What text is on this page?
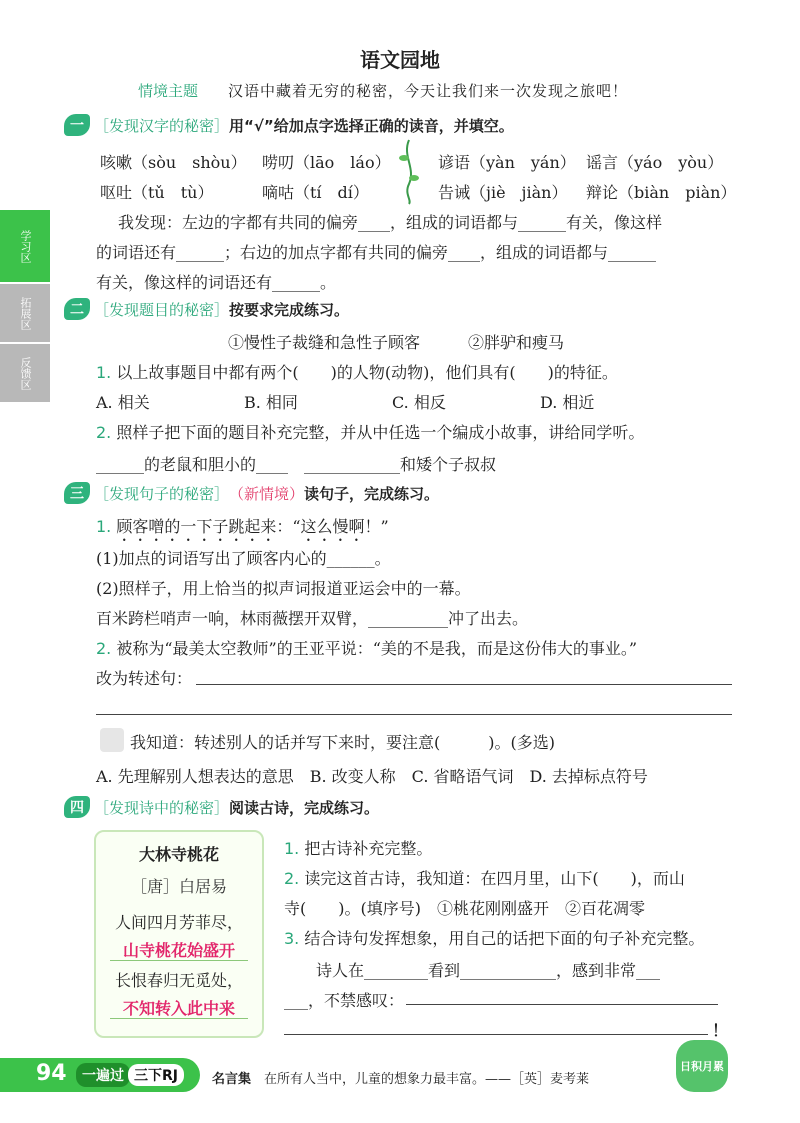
学习区
拓展区
反馈区
语文园地
情境主题 汉语中藏着无穷的秘密，今天让我们来一次发现之旅吧！
一 ［发现汉字的秘密］ 用“√”给加点字选择正确的读音，并填空。
咳嗽（sòu　shòu） 唠叨（lāo　láo）	谚语（yàn　yán） 谣言（yáo　yòu）
呕吐（tǔ　tù）	嘀咕（tí　dí）	告诫（jiè　jiàn） 辩论（biàn　piàn）
我发现：左边的字都有共同的偏旁____，组成的词语都与______有关，像这样
的词语还有______；右边的加点字都有共同的偏旁____，组成的词语都与______
有关，像这样的词语还有______。
二 ［发现题目的秘密］ 按要求完成练习。
①慢性子裁缝和急性子顾客　　　②胖驴和瘦马
1. 以上故事题目中都有两个(　　)的人物(动物)，他们具有(　　)的特征。
A. 相关	B. 相同	C. 相反	D. 相近
2. 照样子把下面的题目补充完整，并从中任选一个编成小故事，讲给同学听。
______的老鼠和胆小的____　____________和矮个子叔叔
三 ［发现句子的秘密］ （新情境） 读句子，完成练习。
1. 顾客噌的一下子跳起来：“这么慢啊！”
(1)加点的词语写出了顾客内心的______。
(2)照样子，用上恰当的拟声词报道亚运会中的一幕。
百米跨栏哨声一响，林雨薇摆开双臂，__________冲了出去。
2. 被称为“最美太空教师”的王亚平说：“美的不是我，而是这份伟大的事业。”
改为转述句：
我知道：转述别人的话并写下来时，要注意(　　　)。(多选)
A. 先理解别人想表达的意思　B. 改变人称　C. 省略语气词　D. 去掉标点符号
四 ［发现诗中的秘密］ 阅读古诗，完成练习。
大林寺桃花
［唐］白居易
人间四月芳菲尽，
山寺桃花始盛开
长恨春归无觅处，
不知转入此中来
1. 把古诗补充完整。
2. 读完这首古诗，我知道：在四月里，山下(　　)，而山
寺(　　)。(填序号)　①桃花刚刚盛开　②百花凋零
3. 结合诗句发挥想象，用自己的话把下面的句子补充完整。
诗人在________看到____________，感到非常___
___，不禁感叹：
！
94	一遍过 三下RJ	名言集　 在所有人当中，儿童的想象力最丰富。——［英］麦考莱
日积月累
